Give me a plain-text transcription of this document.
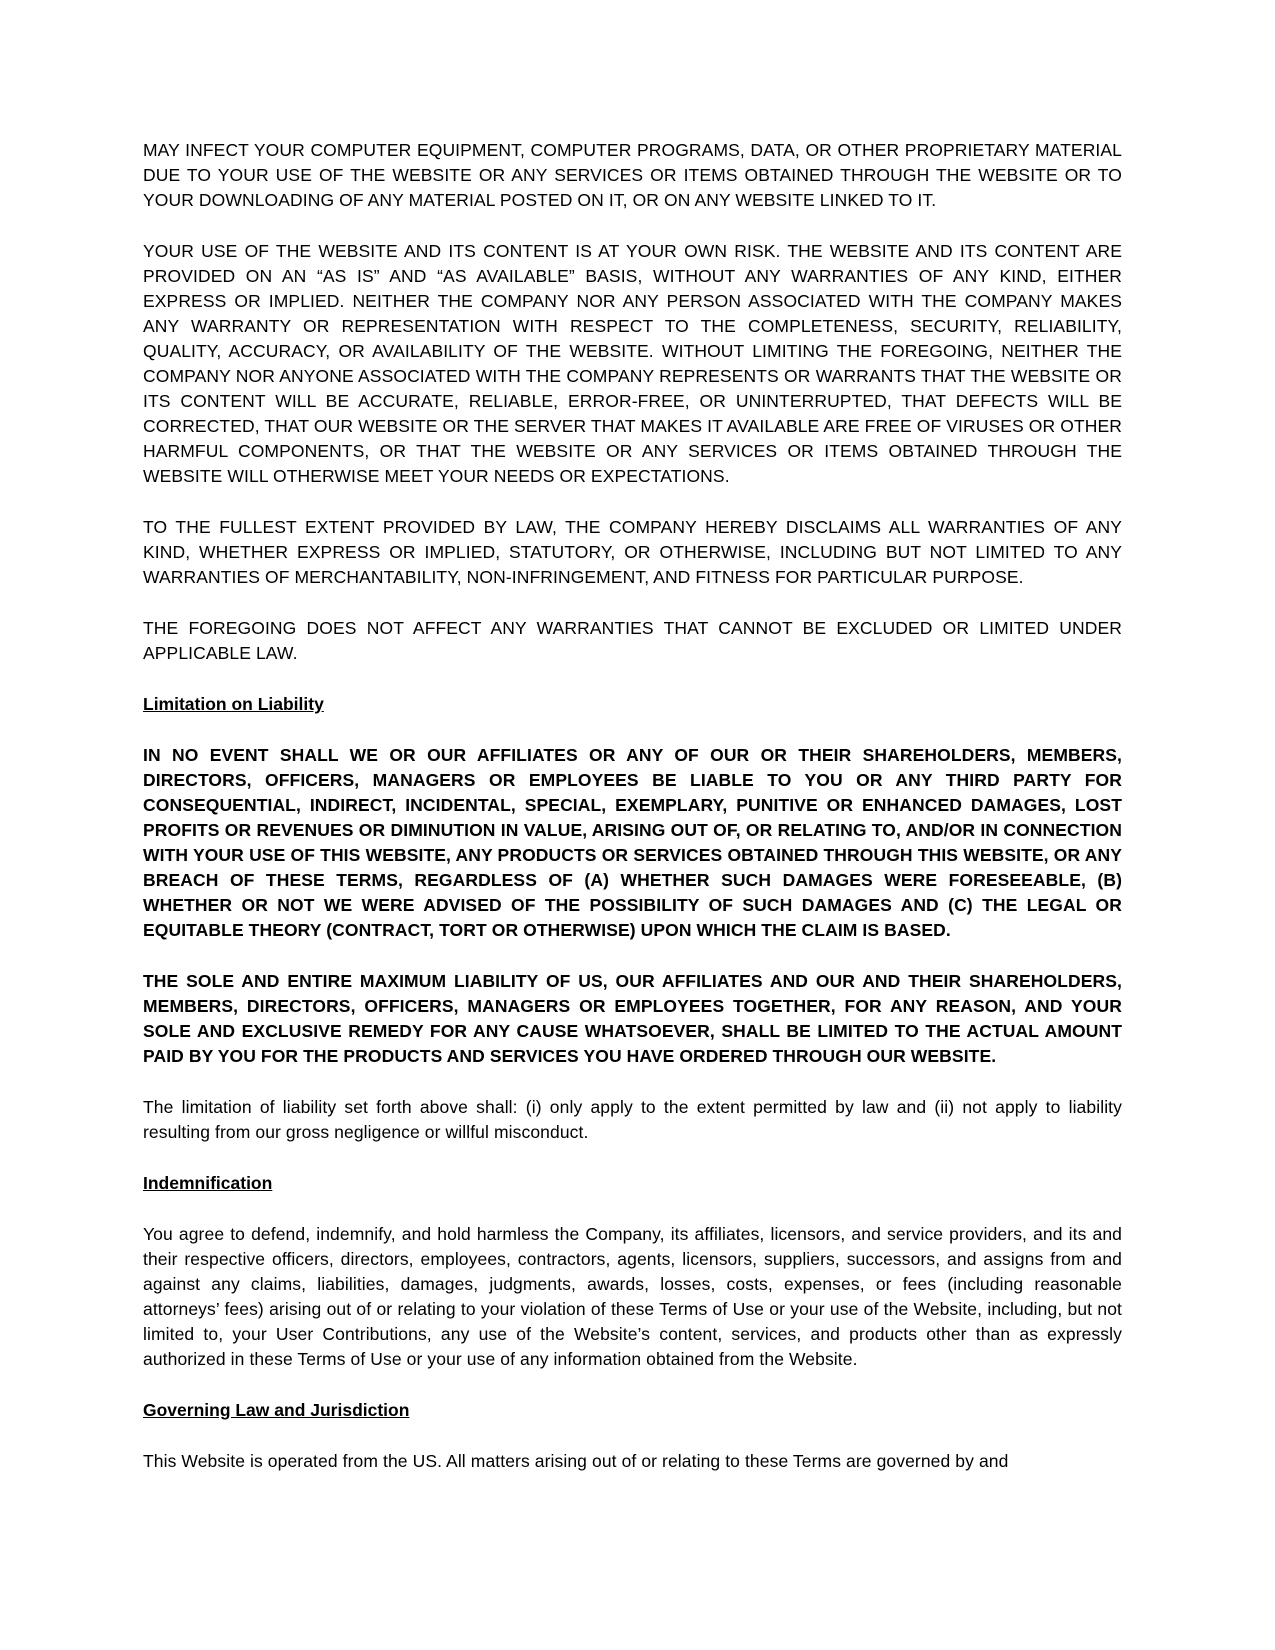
MAY INFECT YOUR COMPUTER EQUIPMENT, COMPUTER PROGRAMS, DATA, OR OTHER PROPRIETARY MATERIAL DUE TO YOUR USE OF THE WEBSITE OR ANY SERVICES OR ITEMS OBTAINED THROUGH THE WEBSITE OR TO YOUR DOWNLOADING OF ANY MATERIAL POSTED ON IT, OR ON ANY WEBSITE LINKED TO IT.

YOUR USE OF THE WEBSITE AND ITS CONTENT IS AT YOUR OWN RISK. THE WEBSITE AND ITS CONTENT ARE PROVIDED ON AN “AS IS” AND “AS AVAILABLE” BASIS, WITHOUT ANY WARRANTIES OF ANY KIND, EITHER EXPRESS OR IMPLIED. NEITHER THE COMPANY NOR ANY PERSON ASSOCIATED WITH THE COMPANY MAKES ANY WARRANTY OR REPRESENTATION WITH RESPECT TO THE COMPLETENESS, SECURITY, RELIABILITY, QUALITY, ACCURACY, OR AVAILABILITY OF THE WEBSITE. WITHOUT LIMITING THE FOREGOING, NEITHER THE COMPANY NOR ANYONE ASSOCIATED WITH THE COMPANY REPRESENTS OR WARRANTS THAT THE WEBSITE OR ITS CONTENT WILL BE ACCURATE, RELIABLE, ERROR-FREE, OR UNINTERRUPTED, THAT DEFECTS WILL BE CORRECTED, THAT OUR WEBSITE OR THE SERVER THAT MAKES IT AVAILABLE ARE FREE OF VIRUSES OR OTHER HARMFUL COMPONENTS, OR THAT THE WEBSITE OR ANY SERVICES OR ITEMS OBTAINED THROUGH THE WEBSITE WILL OTHERWISE MEET YOUR NEEDS OR EXPECTATIONS.

TO THE FULLEST EXTENT PROVIDED BY LAW, THE COMPANY HEREBY DISCLAIMS ALL WARRANTIES OF ANY KIND, WHETHER EXPRESS OR IMPLIED, STATUTORY, OR OTHERWISE, INCLUDING BUT NOT LIMITED TO ANY WARRANTIES OF MERCHANTABILITY, NON-INFRINGEMENT, AND FITNESS FOR PARTICULAR PURPOSE.

THE FOREGOING DOES NOT AFFECT ANY WARRANTIES THAT CANNOT BE EXCLUDED OR LIMITED UNDER APPLICABLE LAW.

Limitation on Liability

IN NO EVENT SHALL WE OR OUR AFFILIATES OR ANY OF OUR OR THEIR SHAREHOLDERS, MEMBERS, DIRECTORS, OFFICERS, MANAGERS OR EMPLOYEES BE LIABLE TO YOU OR ANY THIRD PARTY FOR CONSEQUENTIAL, INDIRECT, INCIDENTAL, SPECIAL, EXEMPLARY, PUNITIVE OR ENHANCED DAMAGES, LOST PROFITS OR REVENUES OR DIMINUTION IN VALUE, ARISING OUT OF, OR RELATING TO, AND/OR IN CONNECTION WITH YOUR USE OF THIS WEBSITE, ANY PRODUCTS OR SERVICES OBTAINED THROUGH THIS WEBSITE, OR ANY BREACH OF THESE TERMS, REGARDLESS OF (A) WHETHER SUCH DAMAGES WERE FORESEEABLE, (B) WHETHER OR NOT WE WERE ADVISED OF THE POSSIBILITY OF SUCH DAMAGES AND (C) THE LEGAL OR EQUITABLE THEORY (CONTRACT, TORT OR OTHERWISE) UPON WHICH THE CLAIM IS BASED.

THE SOLE AND ENTIRE MAXIMUM LIABILITY OF US, OUR AFFILIATES AND OUR AND THEIR SHAREHOLDERS, MEMBERS, DIRECTORS, OFFICERS, MANAGERS OR EMPLOYEES TOGETHER, FOR ANY REASON, AND YOUR SOLE AND EXCLUSIVE REMEDY FOR ANY CAUSE WHATSOEVER, SHALL BE LIMITED TO THE ACTUAL AMOUNT PAID BY YOU FOR THE PRODUCTS AND SERVICES YOU HAVE ORDERED THROUGH OUR WEBSITE.

The limitation of liability set forth above shall: (i) only apply to the extent permitted by law and (ii) not apply to liability resulting from our gross negligence or willful misconduct.

Indemnification

You agree to defend, indemnify, and hold harmless the Company, its affiliates, licensors, and service providers, and its and their respective officers, directors, employees, contractors, agents, licensors, suppliers, successors, and assigns from and against any claims, liabilities, damages, judgments, awards, losses, costs, expenses, or fees (including reasonable attorneys’ fees) arising out of or relating to your violation of these Terms of Use or your use of the Website, including, but not limited to, your User Contributions, any use of the Website’s content, services, and products other than as expressly authorized in these Terms of Use or your use of any information obtained from the Website.

Governing Law and Jurisdiction

This Website is operated from the US. All matters arising out of or relating to these Terms are governed by and
